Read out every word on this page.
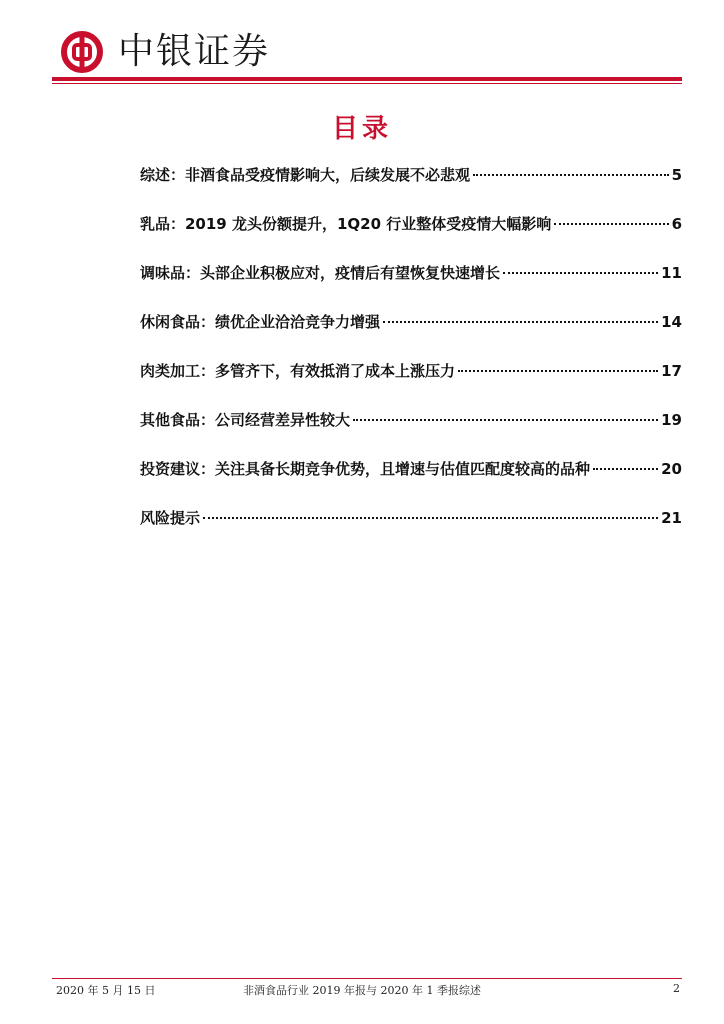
中银证券
目录
综述：非酒食品受疫情影响大，后续发展不必悲观	5
乳品：2019 龙头份额提升，1Q20 行业整体受疫情大幅影响	6
调味品：头部企业积极应对，疫情后有望恢复快速增长	11
休闲食品：绩优企业洽洽竞争力增强	14
肉类加工：多管齐下，有效抵消了成本上涨压力	17
其他食品：公司经营差异性较大	19
投资建议：关注具备长期竞争优势，且增速与估值匹配度较高的品种	20
风险提示	21
2020 年 5 月 15 日	非酒食品行业 2019 年报与 2020 年 1 季报综述	2
